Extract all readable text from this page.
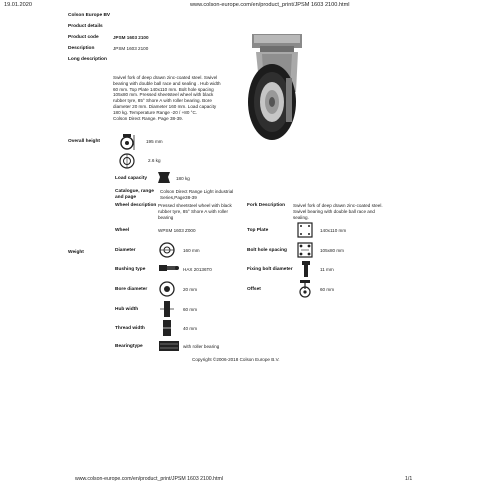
19.01.2020	www.colson-europe.com/en/product_print/JPSM 1603 2100.html
Colson Europe BV
Product details
Product code	JPSM 1603 2100
Description	JPSM 1603 2100
Long description
Swivel fork of deep drawn zinc-coated steel. Swivel
bearing with double ball race and sealing . Hub width
60 mm. Top Plate 140x110 mm. Bolt hole spacing
105x80 mm. Pressed sheetsteel wheel with black
rubber tyre, 85° Shore A with roller bearing. Bore
diameter 20 mm. Diameter 160 mm. Load capacity
180 kg. Temperature Range -20 / +80 °C.
Colson Direct Range. Page 38-39.
Overall height	195 mm
2.6 kg
Load capacity	180 kg
Catalogue, range
and page
Colson Direct Range Light industrial
Series,Page38-39
Wheel description Pressed sheetsteel wheel with black
rubber tyre, 85° Shore A with roller
bearing
Fork Description Swivel fork of deep drawn zinc-coated steel.
Swivel bearing with double ball race and
sealing.
Weight
Wheel	WPSM 1603 Z000
Diameter	160 mm
Bushing type	HAX 20136T0
Bore diameter	20 mm
Hub width	60 mm
Thread width	40 mm
Bearingtype	with roller bearing
Top Plate	140x110 mm
Bolt hole spacing	105x80 mm
Fixing bolt diameter	11 mm
Offset	60 mm
Copyright ©2006-2018 Colson Europe B.V.
www.colson-europe.com/en/product_print/JPSM 1603 2100.html	1/1
